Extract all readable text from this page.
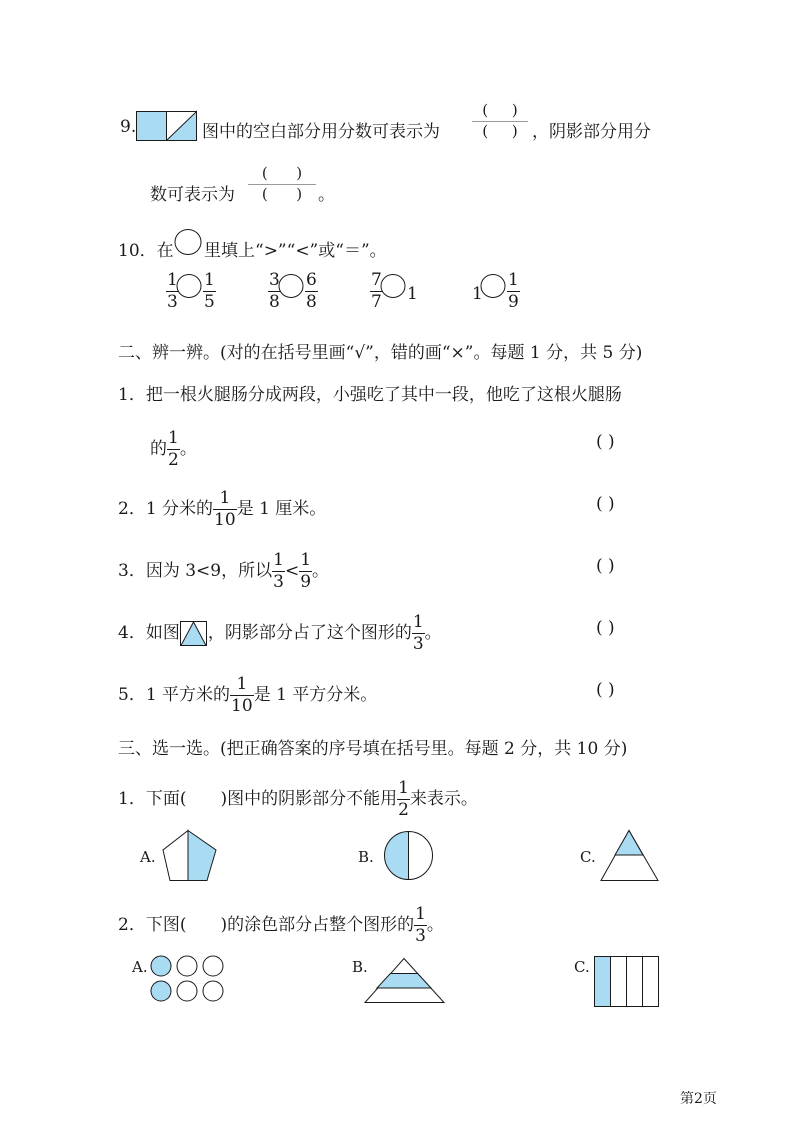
9.	图中的空白部分用分数可表示为
( )
( ) ，阴影部分用分
数可表示为
( )
( ) 。
10．在 里填上“>”“<”或“＝”。
$\frac{1}{3} \frac{1}{5}$	$\frac{3}{8} \frac{6}{8}$	$\frac{7}{7} 1$	$1 \frac{1}{9}$
二、辨一辨。(对的在括号里画“√”，错的画“×”。每题 1 分，共 5 分)
1．把一根火腿肠分成两段，小强吃了其中一段，他吃了这根火腿肠
的 $\frac{1}{2}$ 。	( )
2．1 分米的 $\frac{1}{10}$ 是 1 厘米。	( )
3．因为 3<9，所以 $\frac{1}{3} < \frac{1}{9}$ 。	( )
4．如图 ，阴影部分占了这个图形的 $\frac{1}{3}$ 。	( )
5．1 平方米的 $\frac{1}{10}$ 是 1 平方分米。	( )
三、选一选。(把正确答案的序号填在括号里。每题 2 分，共 10 分)
1．下面( )图中的阴影部分不能用 $\frac{1}{2}$ 来表示。
A.	B.	C.
2．下图( )的涂色部分占整个图形的 $\frac{1}{3}$ 。
A.	B.	C.
第2页
